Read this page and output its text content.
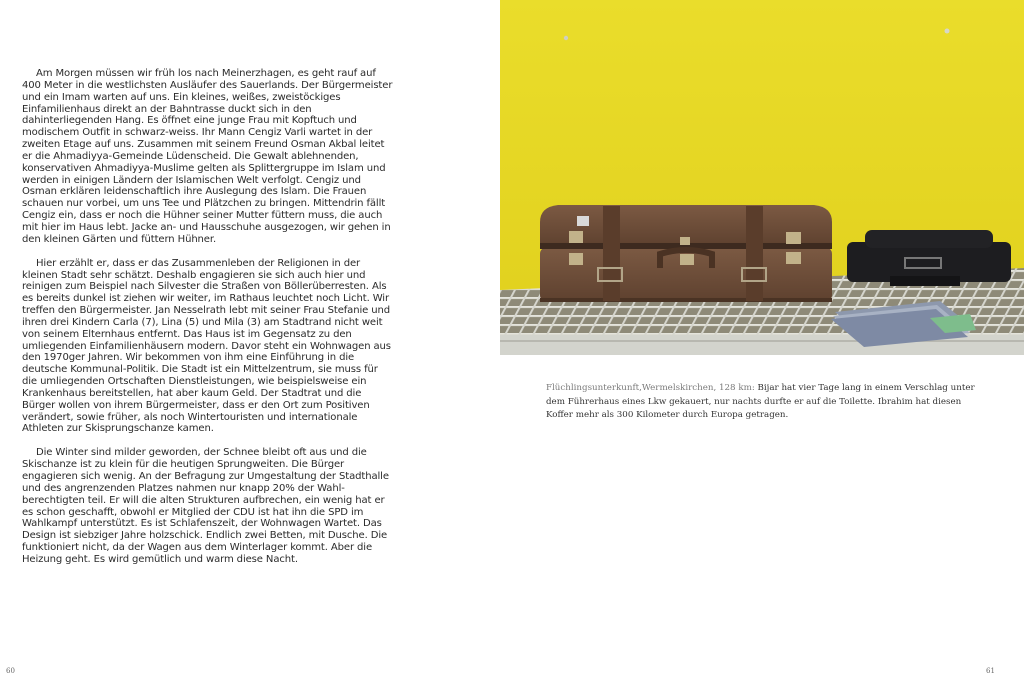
Am Morgen müssen wir früh los nach Meinerzhagen, es geht rauf auf 400 Meter in die westlichsten Ausläufer des Sauerlands. Der Bürgermeister und ein Imam warten auf uns. Ein kleines, weißes, zweistöckiges Einfamilienhaus direkt an der Bahntrasse duckt sich in den dahinterliegenden Hang. Es öffnet eine junge Frau mit Kopftuch und modischem Outfit in schwarz-weiss. Ihr Mann Cengiz Varli wartet in der zweiten Etage auf uns. Zusammen mit seinem Freund Osman Akbal leitet er die Ahmadiyya-Gemeinde Lüdenscheid. Die Gewalt ablehnenden, konservativen Ahmadiyya-Muslime gelten als Splittergruppe im Islam und werden in einigen Ländern der Islamischen Welt verfolgt. Cengiz und Osman erklären leidenschaftlich ihre Auslegung des Islam. Die Frauen schauen nur vorbei, um uns Tee und Plätzchen zu bringen. Mittendrin fällt Cengiz ein, dass er noch die Hühner seiner Mutter füttern muss, die auch mit hier im Haus lebt. Jacke an- und Hausschuhe ausgezogen, wir gehen in den kleinen Gärten und füttern Hühner.

Hier erzählt er, dass er das Zusammenleben der Religionen in der kleinen Stadt sehr schätzt. Deshalb engagieren sie sich auch hier und reinigen zum Beispiel nach Silvester die Straßen von Böllerüberresten. Als es bereits dunkel ist ziehen wir weiter, im Rathaus leuchtet noch Licht. Wir treffen den Bürgermeister. Jan Nesselrath lebt mit seiner Frau Stefanie und ihren drei Kindern Carla (7), Lina (5) und Mila (3) am Stadtrand nicht weit von seinem Elternhaus entfernt. Das Haus ist im Gegensatz zu den umliegenden Einfamilienhäusern modern. Davor steht ein Wohnwagen aus den 1970ger Jahren. Wir bekommen von ihm eine Einführung in die deutsche Kommunal-Politik. Die Stadt ist ein Mittelzentrum, sie muss für die umliegenden Ortschaften Dienstleistungen, wie beispielsweise ein Krankenhaus bereitstellen, hat aber kaum Geld. Der Stadtrat und die Bürger wollen von ihrem Bürgermeister, dass er den Ort zum Positiven verändert, sowie früher, als noch Wintertouristen und internationale Athleten zur Skisprungschanze kamen.

Die Winter sind milder geworden, der Schnee bleibt oft aus und die Skischanze ist zu klein für die heutigen Sprungweiten. Die Bürger engagieren sich wenig. An der Befragung zur Umgestaltung der Stadthalle und des angrenzenden Platzes nahmen nur knapp 20% der Wahlberechtigten teil. Er will die alten Strukturen aufbrechen, ein wenig hat er es schon geschafft, obwohl er Mitglied der CDU ist hat ihn die SPD im Wahlkampf unterstützt. Es ist Schlafenszeit, der Wohnwagen Wartet. Das Design ist siebziger Jahre holzschick. Endlich zwei Betten, mit Dusche. Die funktioniert nicht, da der Wagen aus dem Winterlager kommt. Aber die Heizung geht. Es wird gemütlich und warm diese Nacht.

60
Flüchlingsunterkunft,Wermelskirchen, 128 km: Bijar hat vier Tage lang in einem Verschlag unter dem Führerhaus eines Lkw gekauert, nur nachts durfte er auf die Toilette. Ibrahim hat diesen Koffer mehr als 300 Kilometer durch Europa getragen.
61
